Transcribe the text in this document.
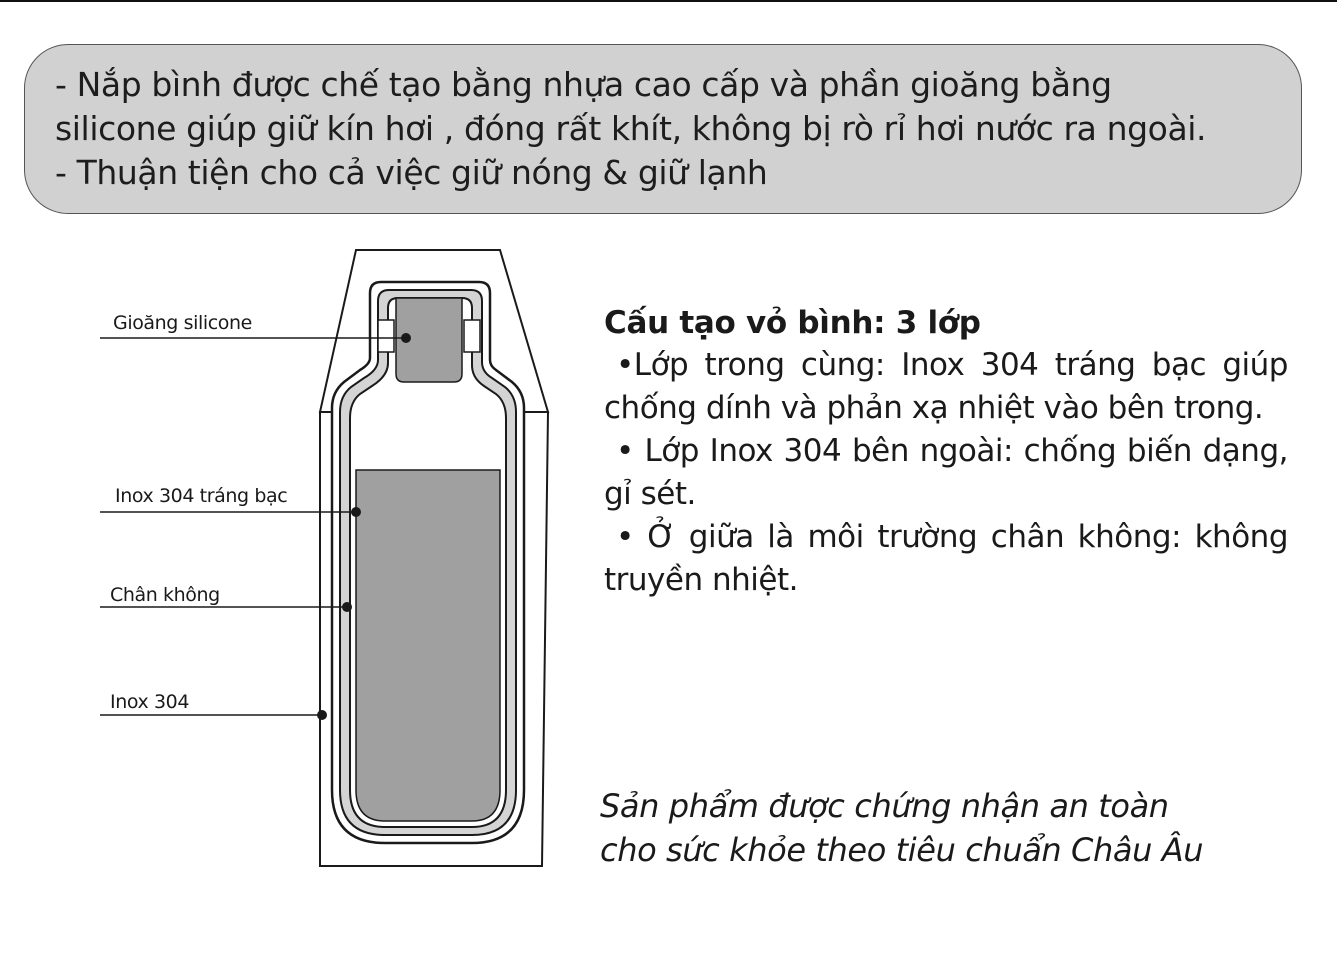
- Nắp bình được chế tạo bằng nhựa cao cấp và phần gioăng bằng
silicone giúp giữ kín hơi , đóng rất khít, không bị rò rỉ hơi nước ra ngoài.
- Thuận tiện cho cả việc giữ nóng & giữ lạnh
Gioăng silicone
Inox 304 tráng bạc
Chân không
Inox 304
Cấu tạo vỏ bình: 3 lớp

•Lớp trong cùng: Inox 304 tráng bạc giúp chống dính và phản xạ nhiệt vào bên trong.

• Lớp Inox 304 bên ngoài: chống biến dạng, gỉ sét.

• Ở giữa là môi trường chân không: không truyền nhiệt.

Sản phẩm được chứng nhận an toàn
cho sức khỏe theo tiêu chuẩn Châu Âu
